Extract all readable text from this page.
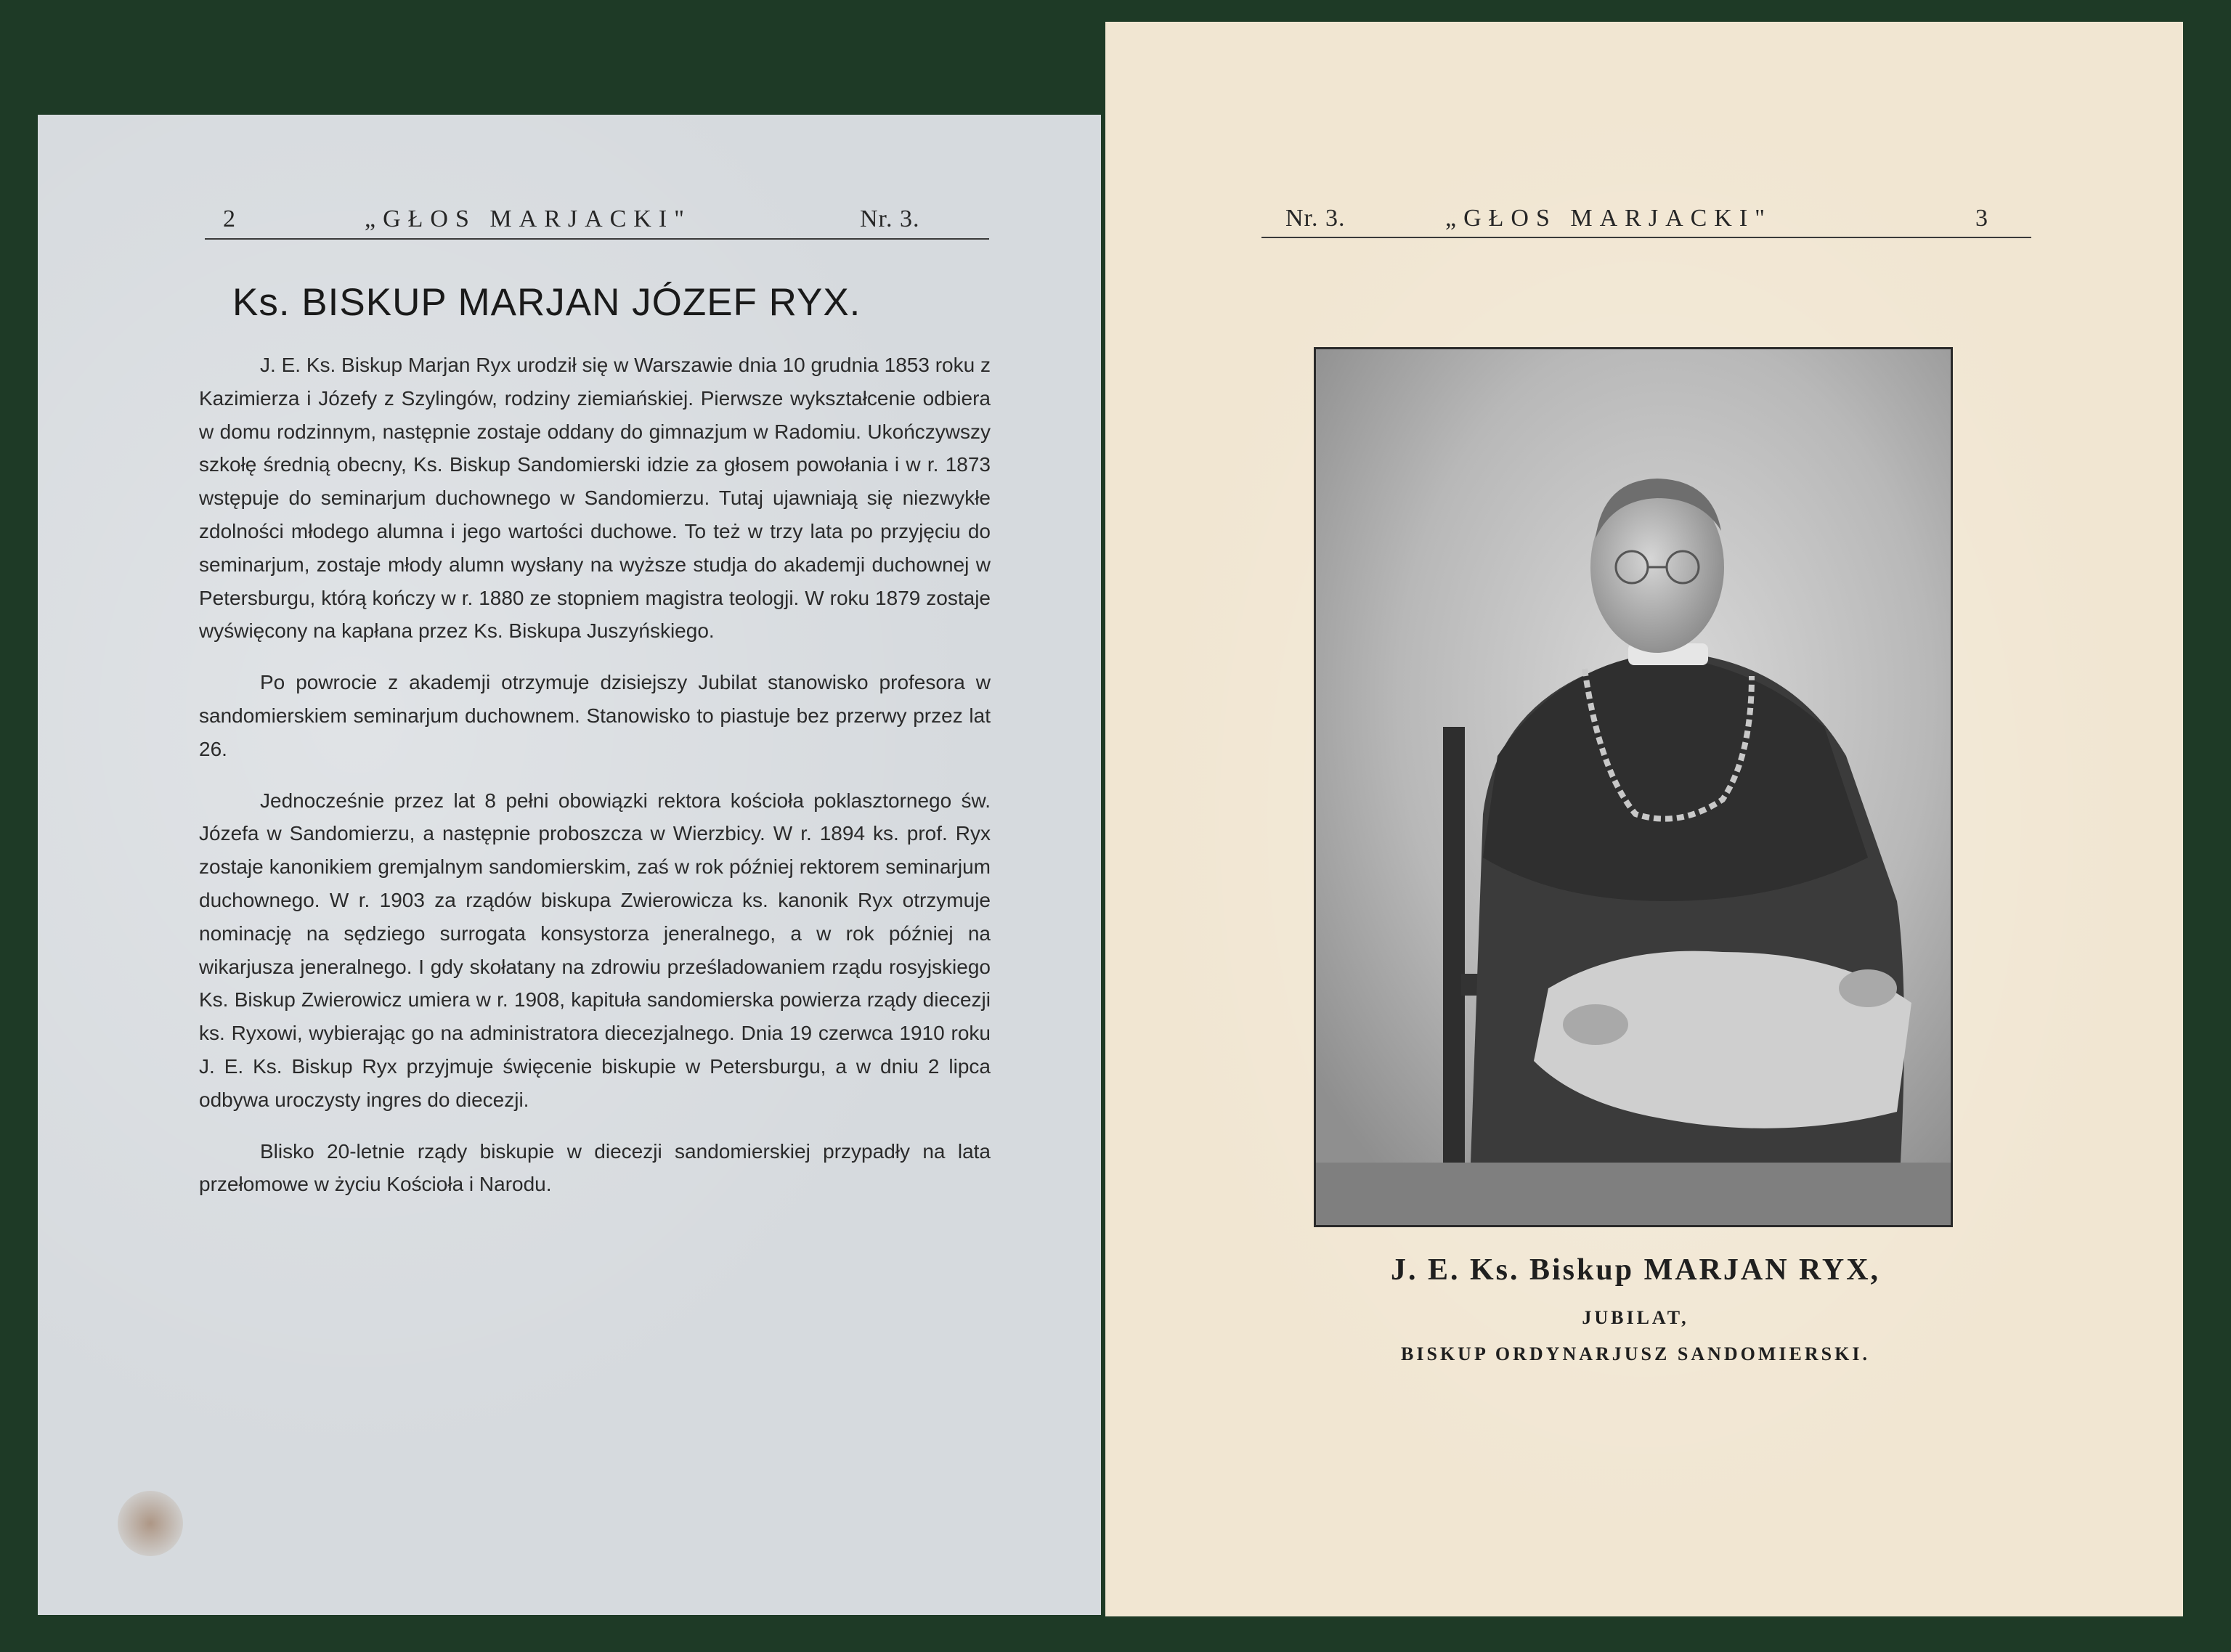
2	„GŁOS MARJACKI"	Nr. 3.
Ks. BISKUP MARJAN JÓZEF RYX.

J. E. Ks. Biskup Marjan Ryx urodził się w Warszawie dnia 10 grudnia 1853 roku z Kazimierza i Józefy z Szylingów, rodziny ziemiańskiej. Pierwsze wykształcenie odbiera w domu rodzinnym, następnie zostaje oddany do gimnazjum w Radomiu. Ukończywszy szkołę średnią obecny, Ks. Biskup Sandomierski idzie za głosem powołania i w r. 1873 wstępuje do seminarjum duchownego w Sandomierzu. Tutaj ujawniają się niezwykłe zdolności młodego alumna i jego wartości duchowe. To też w trzy lata po przyjęciu do seminarjum, zostaje młody alumn wysłany na wyższe studja do akademji duchownej w Petersburgu, którą kończy w r. 1880 ze stopniem magistra teologji. W roku 1879 zostaje wyświęcony na kapłana przez Ks. Biskupa Juszyńskiego.

Po powrocie z akademji otrzymuje dzisiejszy Jubilat stanowisko profesora w sandomierskiem seminarjum duchownem. Stanowisko to piastuje bez przerwy przez lat 26.

Jednocześnie przez lat 8 pełni obowiązki rektora kościoła poklasztornego św. Józefa w Sandomierzu, a następnie proboszcza w Wierzbicy. W r. 1894 ks. prof. Ryx zostaje kanonikiem gremjalnym sandomierskim, zaś w rok później rektorem seminarjum duchownego. W r. 1903 za rządów biskupa Zwierowicza ks. kanonik Ryx otrzymuje nominację na sędziego surrogata konsystorza jeneralnego, a w rok później na wikarjusza jeneralnego. I gdy skołatany na zdrowiu prześladowaniem rządu rosyjskiego Ks. Biskup Zwierowicz umiera w r. 1908, kapituła sandomierska powierza rządy diecezji ks. Ryxowi, wybierając go na administratora diecezjalnego. Dnia 19 czerwca 1910 roku J. E. Ks. Biskup Ryx przyjmuje święcenie biskupie w Petersburgu, a w dniu 2 lipca odbywa uroczysty ingres do diecezji.

Blisko 20-letnie rządy biskupie w diecezji sandomierskiej przypadły na lata przełomowe w życiu Kościoła i Narodu.

Nr. 3.	„GŁOS MARJACKI"	3
J. E. Ks. Biskup MARJAN RYX,
JUBILAT,
BISKUP ORDYNARJUSZ SANDOMIERSKI.
